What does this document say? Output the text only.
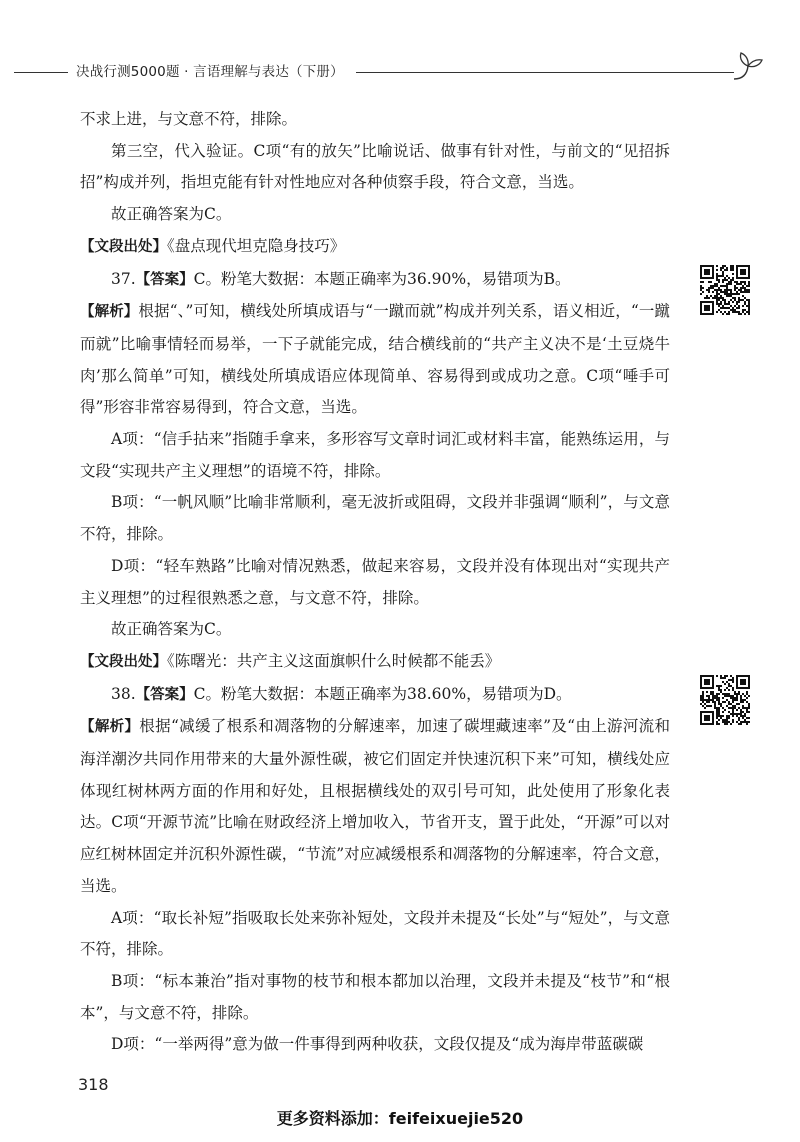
决战行测5000题 · 言语理解与表达（下册）

不求上进，与文意不符，排除。

第三空，代入验证。C项“有的放矢”比喻说话、做事有针对性，与前文的“见招拆招”构成并列，指坦克能有针对性地应对各种侦察手段，符合文意，当选。

故正确答案为C。

【文段出处】《盘点现代坦克隐身技巧》

37.【答案】C。粉笔大数据：本题正确率为36.90%，易错项为B。

【解析】根据“、”可知，横线处所填成语与“一蹴而就”构成并列关系，语义相近，“一蹴而就”比喻事情轻而易举，一下子就能完成，结合横线前的“共产主义决不是‘土豆烧牛肉’那么简单”可知，横线处所填成语应体现简单、容易得到或成功之意。C项“唾手可得”形容非常容易得到，符合文意，当选。

A项：“信手拈来”指随手拿来，多形容写文章时词汇或材料丰富，能熟练运用，与文段“实现共产主义理想”的语境不符，排除。

B项：“一帆风顺”比喻非常顺利，毫无波折或阻碍，文段并非强调“顺利”，与文意不符，排除。

D项：“轻车熟路”比喻对情况熟悉，做起来容易，文段并没有体现出对“实现共产主义理想”的过程很熟悉之意，与文意不符，排除。

故正确答案为C。

【文段出处】《陈曙光：共产主义这面旗帜什么时候都不能丢》

38.【答案】C。粉笔大数据：本题正确率为38.60%，易错项为D。

【解析】根据“减缓了根系和凋落物的分解速率，加速了碳埋藏速率”及“由上游河流和海洋潮汐共同作用带来的大量外源性碳，被它们固定并快速沉积下来”可知，横线处应体现红树林两方面的作用和好处，且根据横线处的双引号可知，此处使用了形象化表达。C项“开源节流”比喻在财政经济上增加收入，节省开支，置于此处，“开源”可以对应红树林固定并沉积外源性碳，“节流”对应减缓根系和凋落物的分解速率，符合文意，当选。

A项：“取长补短”指吸取长处来弥补短处，文段并未提及“长处”与“短处”，与文意不符，排除。

B项：“标本兼治”指对事物的枝节和根本都加以治理，文段并未提及“枝节”和“根本”，与文意不符，排除。

D项：“一举两得”意为做一件事得到两种收获，文段仅提及“成为海岸带蓝碳碳

318
更多资料添加：feifeixuejie520
